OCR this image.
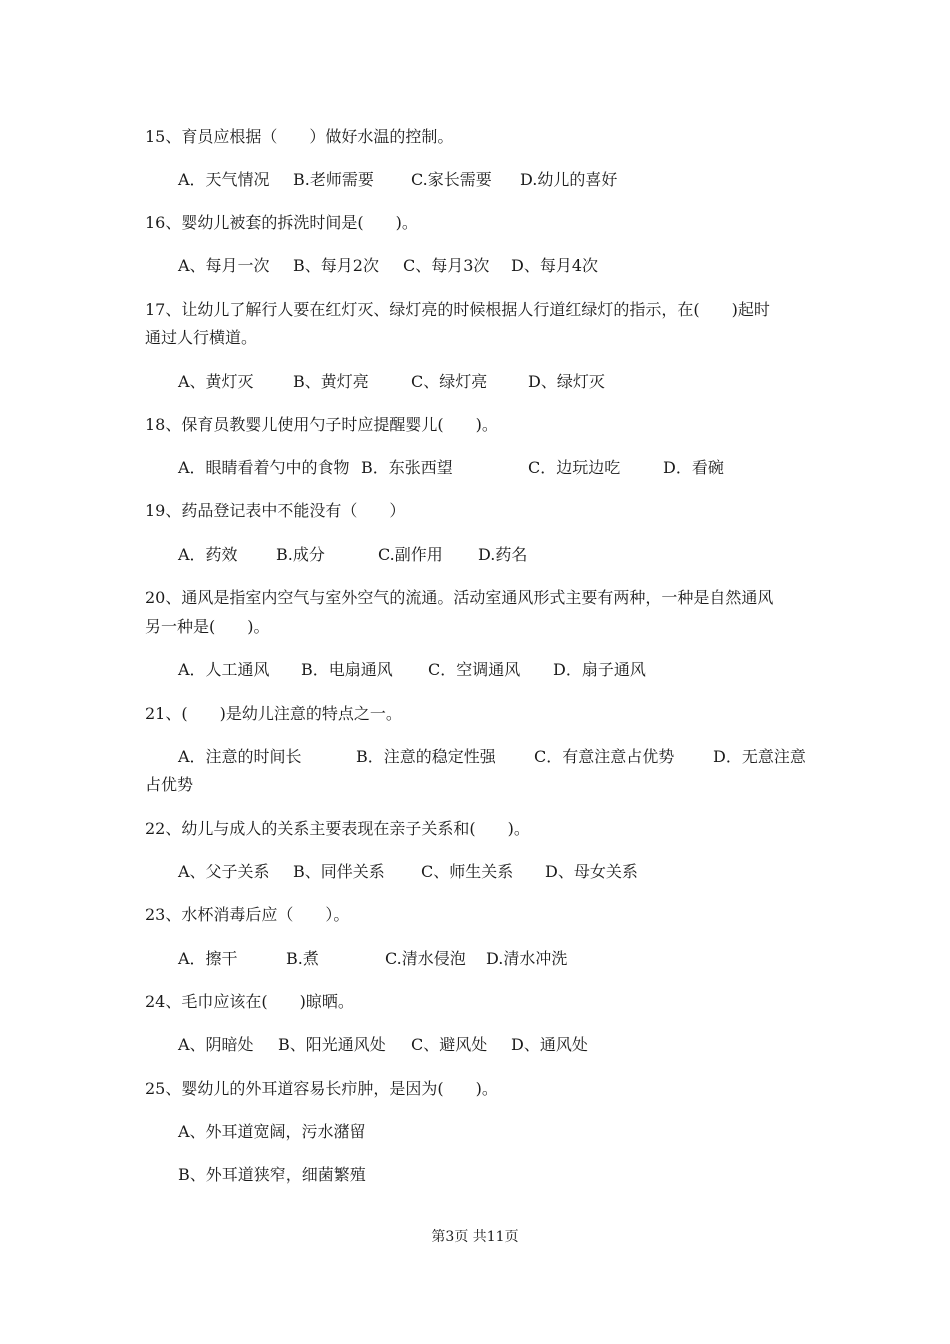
15、育员应根据（　　）做好水温的控制。
A．天气情况 B.老师需要 C.家长需要 D.幼儿的喜好
16、婴幼儿被套的拆洗时间是(　　)。
A、每月一次 B、每月2次 C、每月3次 D、每月4次
17、让幼儿了解行人要在红灯灭、绿灯亮的时候根据人行道红绿灯的指示，在(　　)起时
通过人行横道。
A、黄灯灭 B、黄灯亮	C、绿灯亮	D、绿灯灭
18、保育员教婴儿使用勺子时应提醒婴儿(　　)。
A．眼睛看着勺中的食物 B．东张西望	C．边玩边吃	D．看碗
19、药品登记表中不能没有（　　）
A．药效 B.成分	C.副作用 D.药名
20、通风是指室内空气与室外空气的流通。活动室通风形式主要有两种，一种是自然通风
另一种是(　　)。
A．人工通风 B．电扇通风 C．空调通风 D．扇子通风
21、(　　)是幼儿注意的特点之一。
A．注意的时间长	B．注意的稳定性强 C．有意注意占优势 D．无意注意
占优势
22、幼儿与成人的关系主要表现在亲子关系和(　　)。
A、父子关系 B、同伴关系 C、师生关系 D、母女关系
23、水杯消毒后应（　　）。
A．擦干	B.煮	C.清水侵泡 D.清水冲洗
24、毛巾应该在(　　)晾晒。
A、阴暗处 B、阳光通风处 C、避风处 D、通风处
25、婴幼儿的外耳道容易长疖肿，是因为(　　)。
A、外耳道宽阔，污水潴留
B、外耳道狭窄，细菌繁殖
第3页 共11页
